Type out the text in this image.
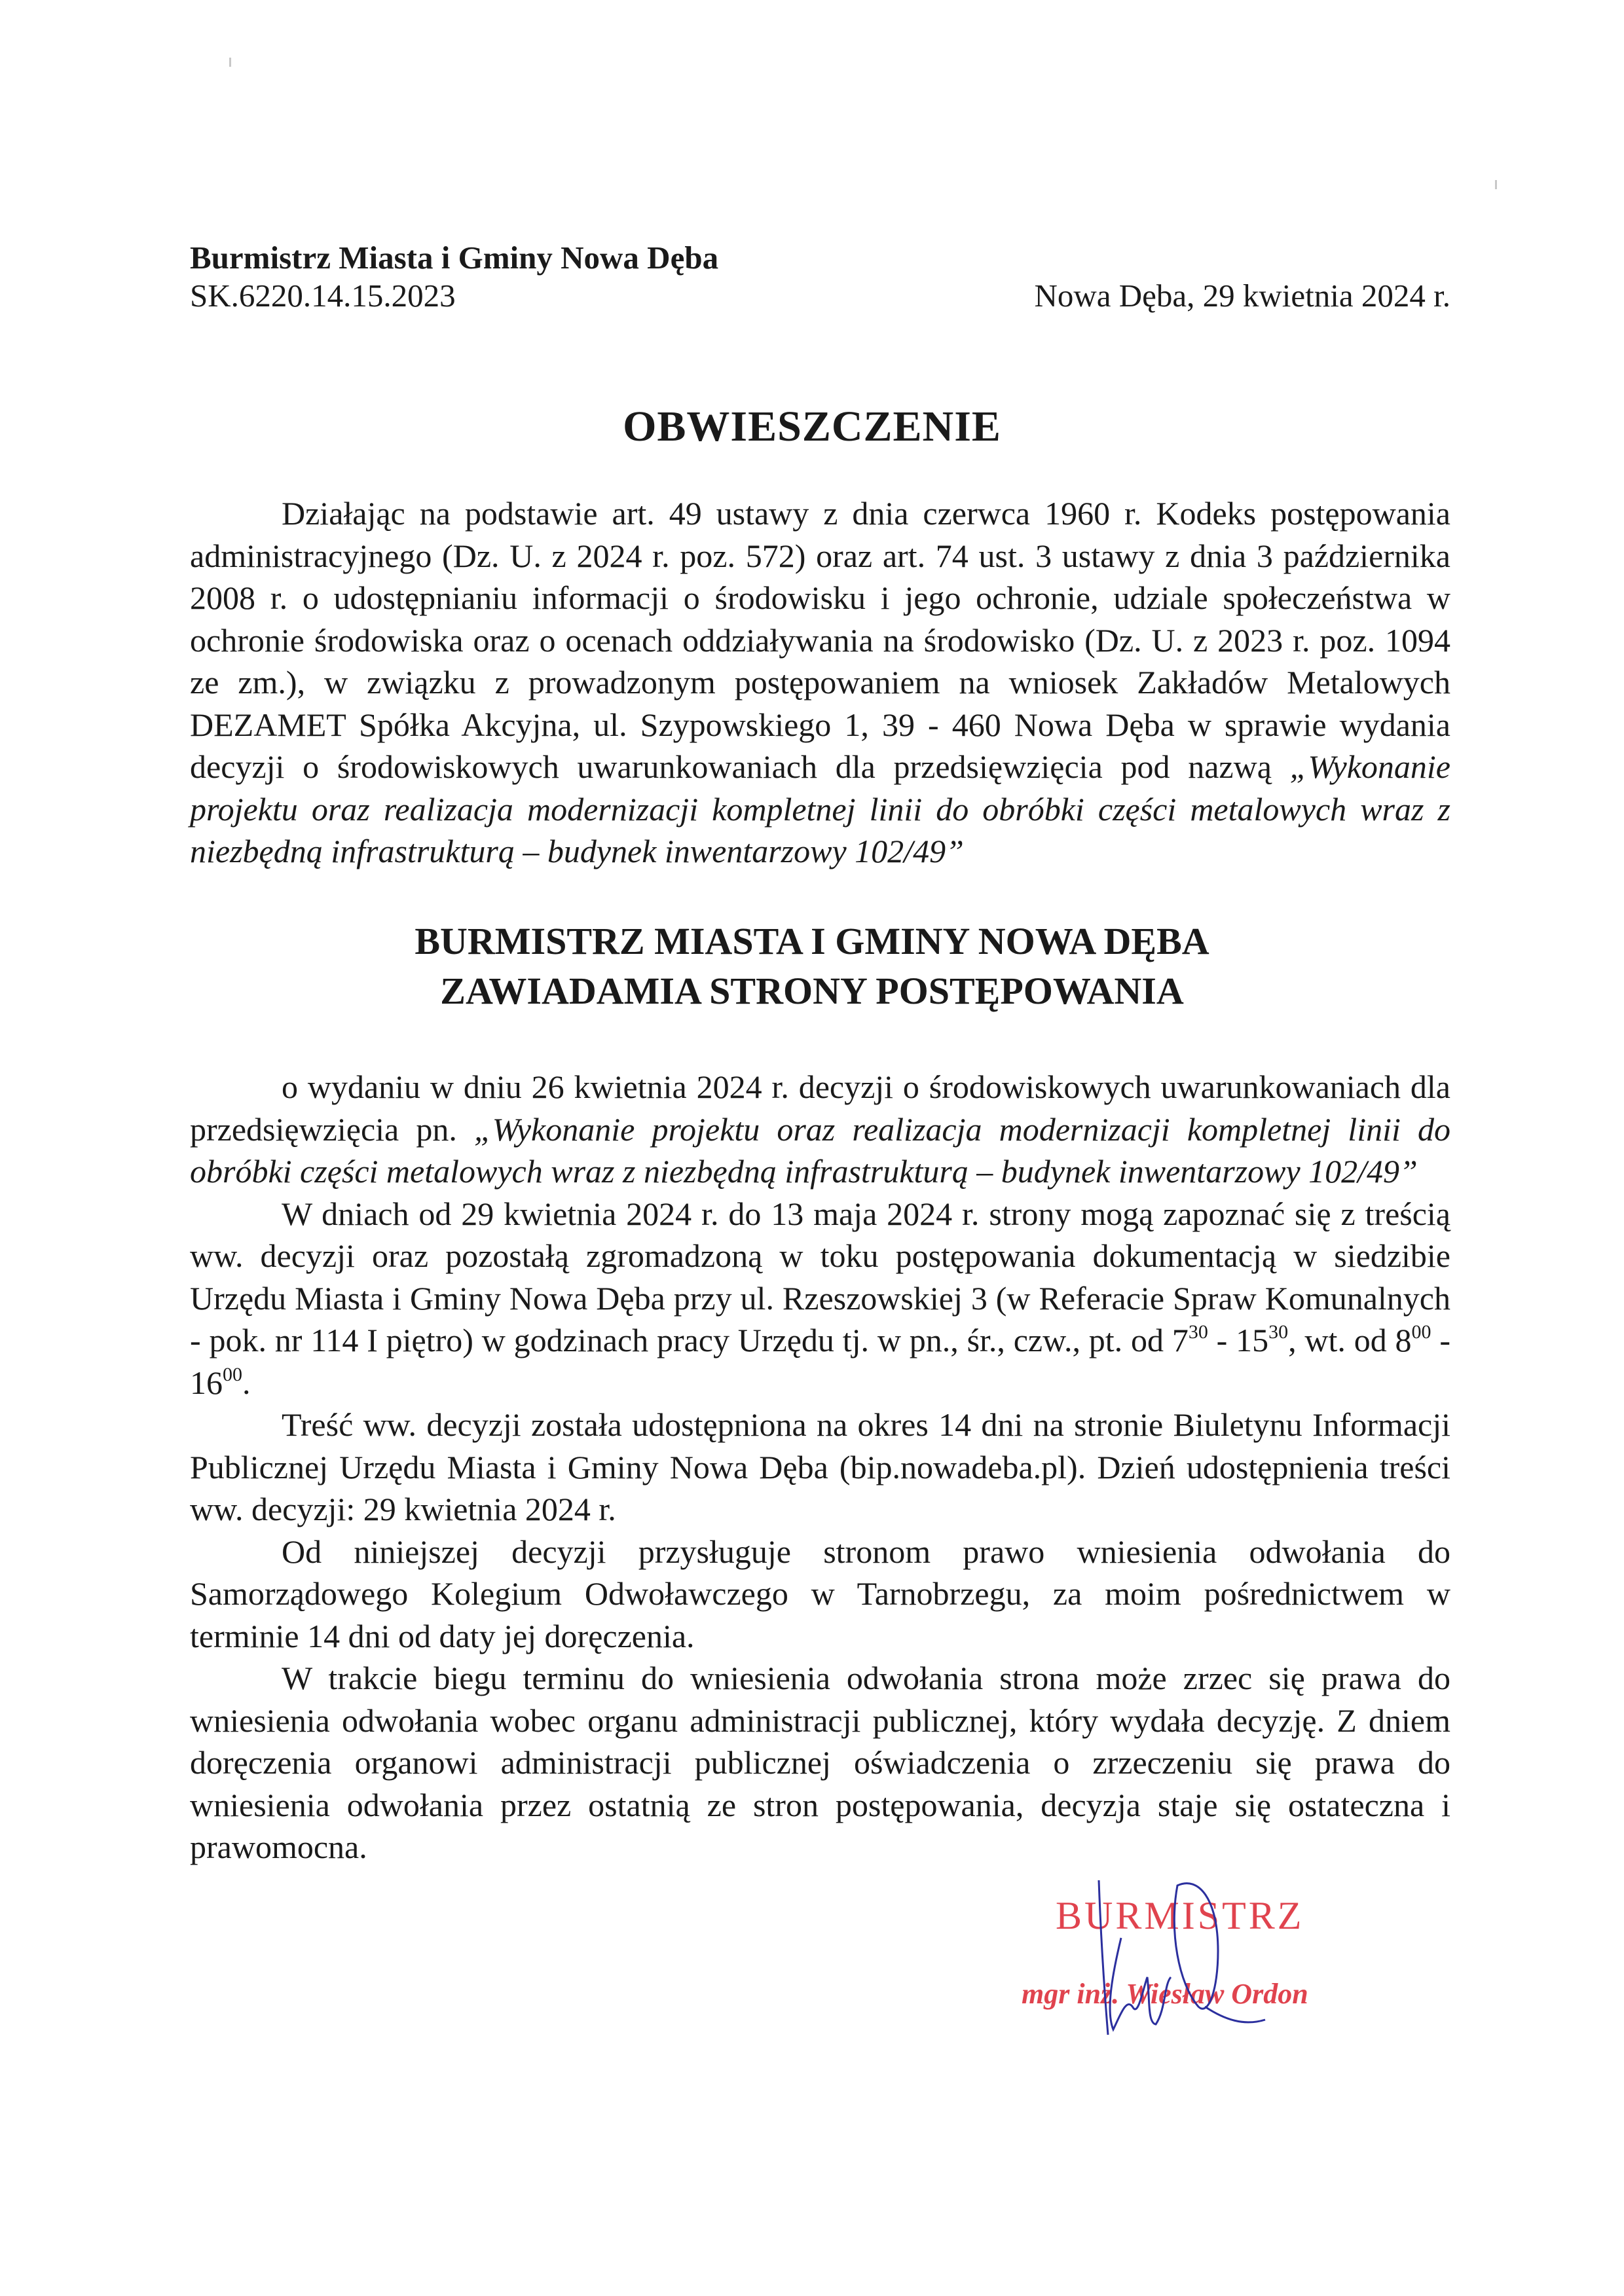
Burmistrz Miasta i Gminy Nowa Dęba
SK.6220.14.15.2023	Nowa Dęba, 29 kwietnia 2024 r.
OBWIESZCZENIE

Działając na podstawie art. 49 ustawy z dnia czerwca 1960 r. Kodeks postępowania administracyjnego (Dz. U. z 2024 r. poz. 572) oraz art. 74 ust. 3 ustawy z dnia 3 października 2008 r. o udostępnianiu informacji o środowisku i jego ochronie, udziale społeczeństwa w ochronie środowiska oraz o ocenach oddziaływania na środowisko (Dz. U. z 2023 r. poz. 1094 ze zm.), w związku z prowadzonym postępowaniem na wniosek Zakładów Metalowych DEZAMET Spółka Akcyjna, ul. Szypowskiego 1, 39 - 460 Nowa Dęba w sprawie wydania decyzji o środowiskowych uwarunkowaniach dla przedsięwzięcia pod nazwą „Wykonanie projektu oraz realizacja modernizacji kompletnej linii do obróbki części metalowych wraz z niezbędną infrastrukturą – budynek inwentarzowy 102/49”

BURMISTRZ MIASTA I GMINY NOWA DĘBA
ZAWIADAMIA STRONY POSTĘPOWANIA

o wydaniu w dniu 26 kwietnia 2024 r. decyzji o środowiskowych uwarunkowaniach dla przedsięwzięcia pn. „Wykonanie projektu oraz realizacja modernizacji kompletnej linii do obróbki części metalowych wraz z niezbędną infrastrukturą – budynek inwentarzowy 102/49”

W dniach od 29 kwietnia 2024 r. do 13 maja 2024 r. strony mogą zapoznać się z treścią ww. decyzji oraz pozostałą zgromadzoną w toku postępowania dokumentacją w siedzibie Urzędu Miasta i Gminy Nowa Dęba przy ul. Rzeszowskiej 3 (w Referacie Spraw Komunalnych - pok. nr 114 I piętro) w godzinach pracy Urzędu tj. w pn., śr., czw., pt. od $7^{30} - 15^{30}$, wt. od $8^{00} - 16^{00}$.

Treść ww. decyzji została udostępniona na okres 14 dni na stronie Biuletynu Informacji Publicznej Urzędu Miasta i Gminy Nowa Dęba (bip.nowadeba.pl). Dzień udostępnienia treści ww. decyzji: 29 kwietnia 2024 r.

Od niniejszej decyzji przysługuje stronom prawo wniesienia odwołania do Samorządowego Kolegium Odwoławczego w Tarnobrzegu, za moim pośrednictwem w terminie 14 dni od daty jej doręczenia.

W trakcie biegu terminu do wniesienia odwołania strona może zrzec się prawa do wniesienia odwołania wobec organu administracji publicznej, który wydała decyzję. Z dniem doręczenia organowi administracji publicznej oświadczenia o zrzeczeniu się prawa do wniesienia odwołania przez ostatnią ze stron postępowania, decyzja staje się ostateczna i prawomocna.

BURMISTRZ
mgr inż. Wiesław Ordon
